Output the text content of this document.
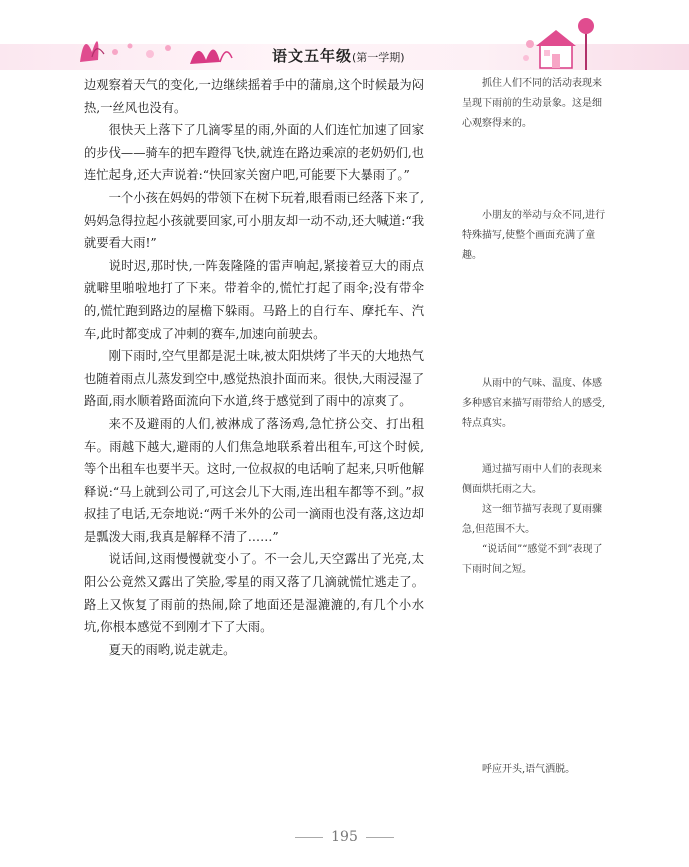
语文五年级(第一学期)

边观察着天气的变化,一边继续摇着手中的蒲扇,这个时候最为闷热,一丝风也没有。

很快天上落下了几滴零星的雨,外面的人们连忙加速了回家的步伐——骑车的把车蹬得飞快,就连在路边乘凉的老奶奶们,也连忙起身,还大声说着:“快回家关窗户吧,可能要下大暴雨了。”

一个小孩在妈妈的带领下在树下玩着,眼看雨已经落下来了,妈妈急得拉起小孩就要回家,可小朋友却一动不动,还大喊道:“我就要看大雨!”

说时迟,那时快,一阵轰隆隆的雷声响起,紧接着豆大的雨点就噼里啪啦地打了下来。带着伞的,慌忙打起了雨伞;没有带伞的,慌忙跑到路边的屋檐下躲雨。马路上的自行车、摩托车、汽车,此时都变成了冲刺的赛车,加速向前驶去。

刚下雨时,空气里都是泥土味,被太阳烘烤了半天的大地热气也随着雨点儿蒸发到空中,感觉热浪扑面而来。很快,大雨浸湿了路面,雨水顺着路面流向下水道,终于感觉到了雨中的凉爽了。

来不及避雨的人们,被淋成了落汤鸡,急忙挤公交、打出租车。雨越下越大,避雨的人们焦急地联系着出租车,可这个时候,等个出租车也要半天。这时,一位叔叔的电话响了起来,只听他解释说:“马上就到公司了,可这会儿下大雨,连出租车都等不到。”叔叔挂了电话,无奈地说:“两千米外的公司一滴雨也没有落,这边却是瓢泼大雨,我真是解释不清了……”

说话间,这雨慢慢就变小了。不一会儿,天空露出了光亮,太阳公公竟然又露出了笑脸,零星的雨又落了几滴就慌忙逃走了。路上又恢复了雨前的热闹,除了地面还是湿漉漉的,有几个小水坑,你根本感觉不到刚才下了大雨。

夏天的雨哟,说走就走。

抓住人们不同的活动表现来呈现下雨前的生动景象。这是细心观察得来的。

小朋友的举动与众不同,进行特殊描写,使整个画面充满了童趣。

从雨中的气味、温度、体感多种感官来描写雨带给人的感受,特点真实。

通过描写雨中人们的表现来侧面烘托雨之大。

这一细节描写表现了夏雨骤急,但范围不大。

“说话间”“感觉不到”表现了下雨时间之短。

呼应开头,语气洒脱。

195
